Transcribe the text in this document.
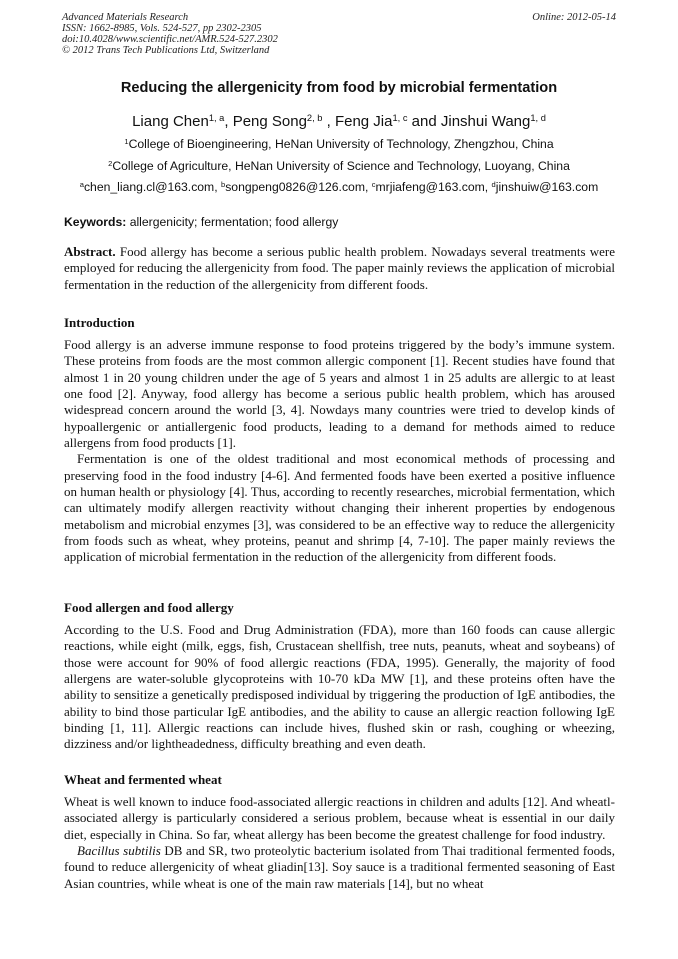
Advanced Materials Research
ISSN: 1662-8985, Vols. 524-527, pp 2302-2305
doi:10.4028/www.scientific.net/AMR.524-527.2302
© 2012 Trans Tech Publications Ltd, Switzerland
Online: 2012-05-14
Reducing the allergenicity from food by microbial fermentation
Liang Chen$^{1, a}$, Peng Song$^{2, b}$ , Feng Jia$^{1, c}$ and Jinshui Wang$^{1, d}$
$^1$College of Bioengineering, HeNan University of Technology, Zhengzhou, China
$^2$College of Agriculture, HeNan University of Science and Technology, Luoyang, China
$^a$chen_liang.cl@163.com, $^b$songpeng0826@126.com, $^c$mrjiafeng@163.com, $^d$jinshuiw@163.com
Keywords: allergenicity; fermentation; food allergy

Abstract. Food allergy has become a serious public health problem. Nowadays several treatments were employed for reducing the allergenicity from food. The paper mainly reviews the application of microbial fermentation in the reduction of the allergenicity from different foods.

Introduction

Food allergy is an adverse immune response to food proteins triggered by the body’s immune system. These proteins from foods are the most common allergic component [1]. Recent studies have found that almost 1 in 20 young children under the age of 5 years and almost 1 in 25 adults are allergic to at least one food [2]. Anyway, food allergy has become a serious public health problem, which has aroused widespread concern around the world [3, 4]. Nowdays many countries were tried to develop kinds of hypoallergenic or antiallergenic food products, leading to a demand for methods aimed to reduce allergens from food products [1].

Fermentation is one of the oldest traditional and most economical methods of processing and preserving food in the food industry [4-6]. And fermented foods have been exerted a positive influence on human health or physiology [4]. Thus, according to recently researches, microbial fermentation, which can ultimately modify allergen reactivity without changing their inherent properties by endogenous metabolism and microbial enzymes [3], was considered to be an effective way to reduce the allergenicity from foods such as wheat, whey proteins, peanut and shrimp [4, 7-10]. The paper mainly reviews the application of microbial fermentation in the reduction of the allergenicity from different foods.

Food allergen and food allergy

According to the U.S. Food and Drug Administration (FDA), more than 160 foods can cause allergic reactions, while eight (milk, eggs, fish, Crustacean shellfish, tree nuts, peanuts, wheat and soybeans) of those were account for 90% of food allergic reactions (FDA, 1995). Generally, the majority of food allergens are water-soluble glycoproteins with 10-70 kDa MW [1], and these proteins often have the ability to sensitize a genetically predisposed individual by triggering the production of IgE antibodies, the ability to bind those particular IgE antibodies, and the ability to cause an allergic reaction following IgE binding [1, 11]. Allergic reactions can include hives, flushed skin or rash, coughing or wheezing, dizziness and/or lightheadedness, difficulty breathing and even death.

Wheat and fermented wheat

Wheat is well known to induce food-associated allergic reactions in children and adults [12]. And wheatl-associated allergy is particularly considered a serious problem, because wheat is essential in our daily diet, especially in China. So far, wheat allergy has been become the greatest challenge for food industry.

Bacillus subtilis DB and SR, two proteolytic bacterium isolated from Thai traditional fermented foods, found to reduce allergenicity of wheat gliadin[13]. Soy sauce is a traditional fermented seasoning of East Asian countries, while wheat is one of the main raw materials [14], but no wheat
